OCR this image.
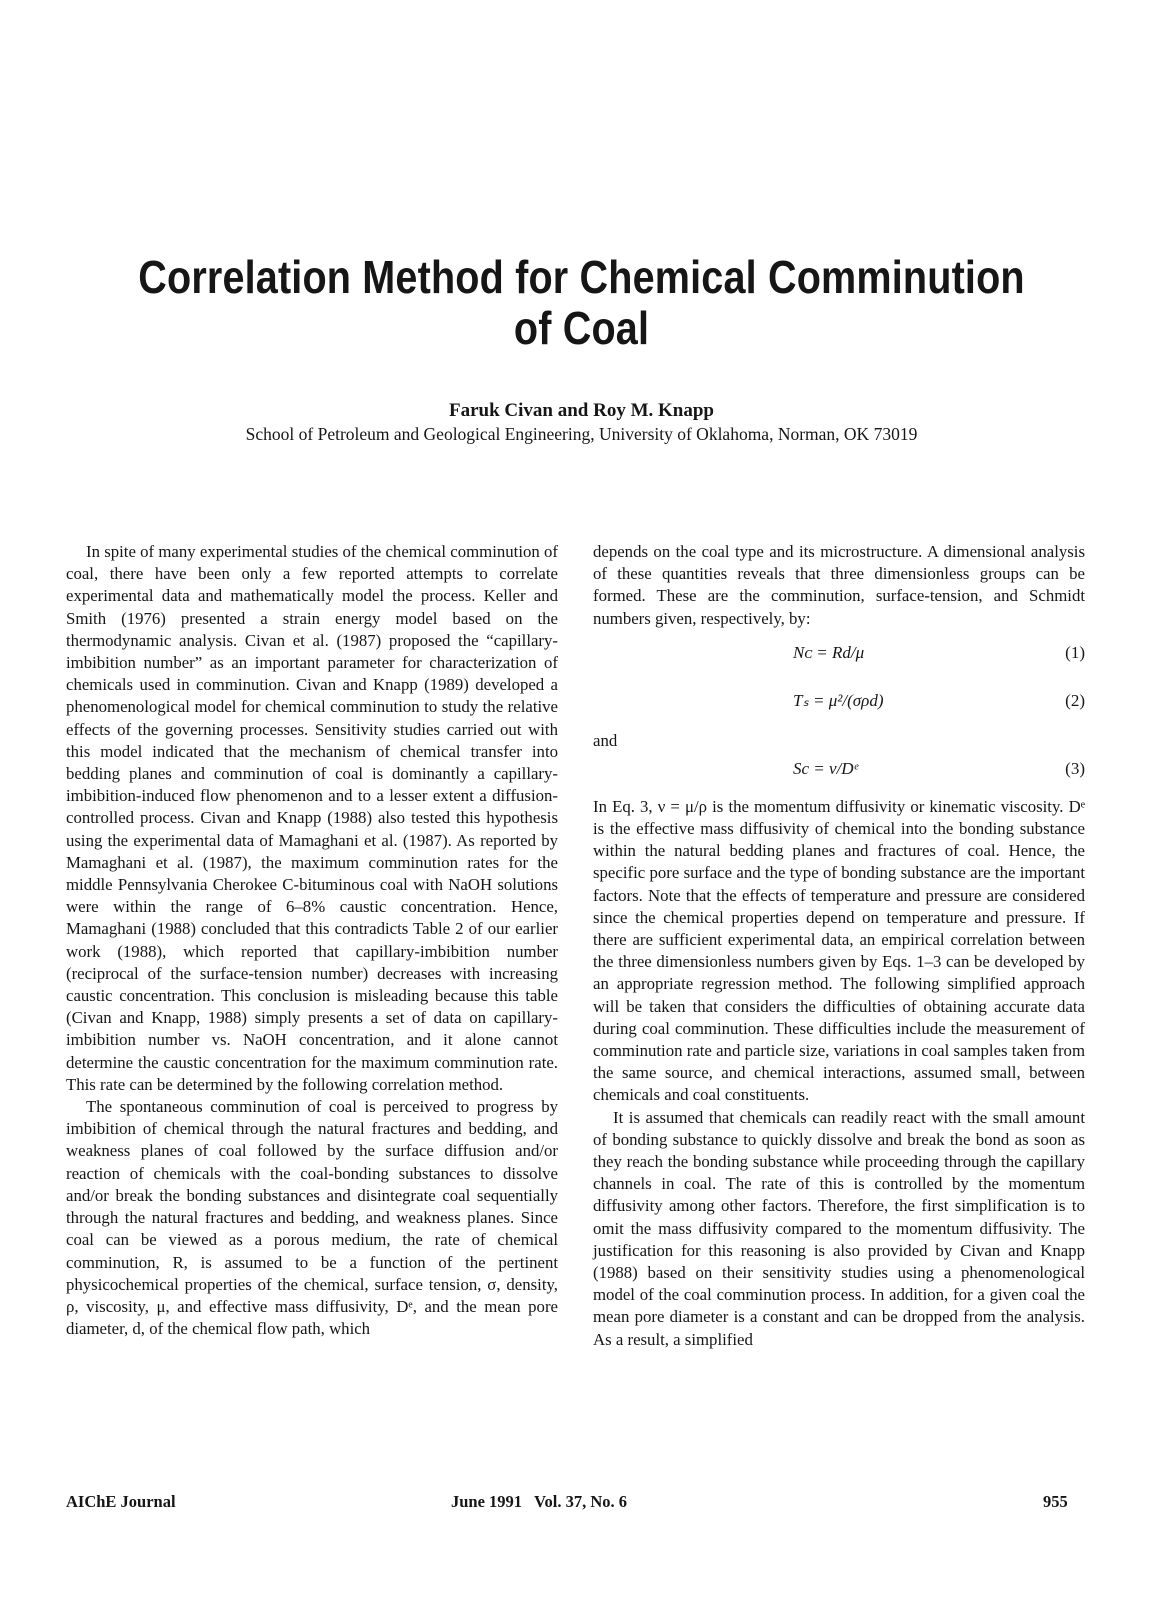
Correlation Method for Chemical Comminution of Coal
Faruk Civan and Roy M. Knapp
School of Petroleum and Geological Engineering, University of Oklahoma, Norman, OK 73019

In spite of many experimental studies of the chemical comminution of coal, there have been only a few reported attempts to correlate experimental data and mathematically model the process. Keller and Smith (1976) presented a strain energy model based on the thermodynamic analysis. Civan et al. (1987) proposed the “capillary-imbibition number” as an important parameter for characterization of chemicals used in comminution. Civan and Knapp (1989) developed a phenomenological model for chemical comminution to study the relative effects of the governing processes. Sensitivity studies carried out with this model indicated that the mechanism of chemical transfer into bedding planes and comminution of coal is dominantly a capillary-imbibition-induced flow phenomenon and to a lesser extent a diffusion-controlled process. Civan and Knapp (1988) also tested this hypothesis using the experimental data of Mamaghani et al. (1987). As reported by Mamaghani et al. (1987), the maximum comminution rates for the middle Pennsylvania Cherokee C-bituminous coal with NaOH solutions were within the range of 6–8% caustic concentration. Hence, Mamaghani (1988) concluded that this contradicts Table 2 of our earlier work (1988), which reported that capillary-imbibition number (reciprocal of the surface-tension number) decreases with increasing caustic concentration. This conclusion is misleading because this table (Civan and Knapp, 1988) simply presents a set of data on capillary-imbibition number vs. NaOH concentration, and it alone cannot determine the caustic concentration for the maximum comminution rate. This rate can be determined by the following correlation method.

The spontaneous comminution of coal is perceived to progress by imbibition of chemical through the natural fractures and bedding, and weakness planes of coal followed by the surface diffusion and/or reaction of chemicals with the coal-bonding substances to dissolve and/or break the bonding substances and disintegrate coal sequentially through the natural fractures and bedding, and weakness planes. Since coal can be viewed as a porous medium, the rate of chemical comminution, R, is assumed to be a function of the pertinent physicochemical properties of the chemical, surface tension, σ, density, ρ, viscosity, μ, and effective mass diffusivity, Dᵉ, and the mean pore diameter, d, of the chemical flow path, which

depends on the coal type and its microstructure. A dimensional analysis of these quantities reveals that three dimensionless groups can be formed. These are the comminution, surface-tension, and Schmidt numbers given, respectively, by:

Nᴄ = Rd/μ	(1)
Tₛ = μ²/(σρd)	(2)
and
Sc = ν/Dᵉ	(3)

In Eq. 3, ν = μ/ρ is the momentum diffusivity or kinematic viscosity. Dᵉ is the effective mass diffusivity of chemical into the bonding substance within the natural bedding planes and fractures of coal. Hence, the specific pore surface and the type of bonding substance are the important factors. Note that the effects of temperature and pressure are considered since the chemical properties depend on temperature and pressure. If there are sufficient experimental data, an empirical correlation between the three dimensionless numbers given by Eqs. 1–3 can be developed by an appropriate regression method. The following simplified approach will be taken that considers the difficulties of obtaining accurate data during coal comminution. These difficulties include the measurement of comminution rate and particle size, variations in coal samples taken from the same source, and chemical interactions, assumed small, between chemicals and coal constituents.

It is assumed that chemicals can readily react with the small amount of bonding substance to quickly dissolve and break the bond as soon as they reach the bonding substance while proceeding through the capillary channels in coal. The rate of this is controlled by the momentum diffusivity among other factors. Therefore, the first simplification is to omit the mass diffusivity compared to the momentum diffusivity. The justification for this reasoning is also provided by Civan and Knapp (1988) based on their sensitivity studies using a phenomenological model of the coal comminution process. In addition, for a given coal the mean pore diameter is a constant and can be dropped from the analysis. As a result, a simplified

AIChE Journal	June 1991   Vol. 37, No. 6	955
